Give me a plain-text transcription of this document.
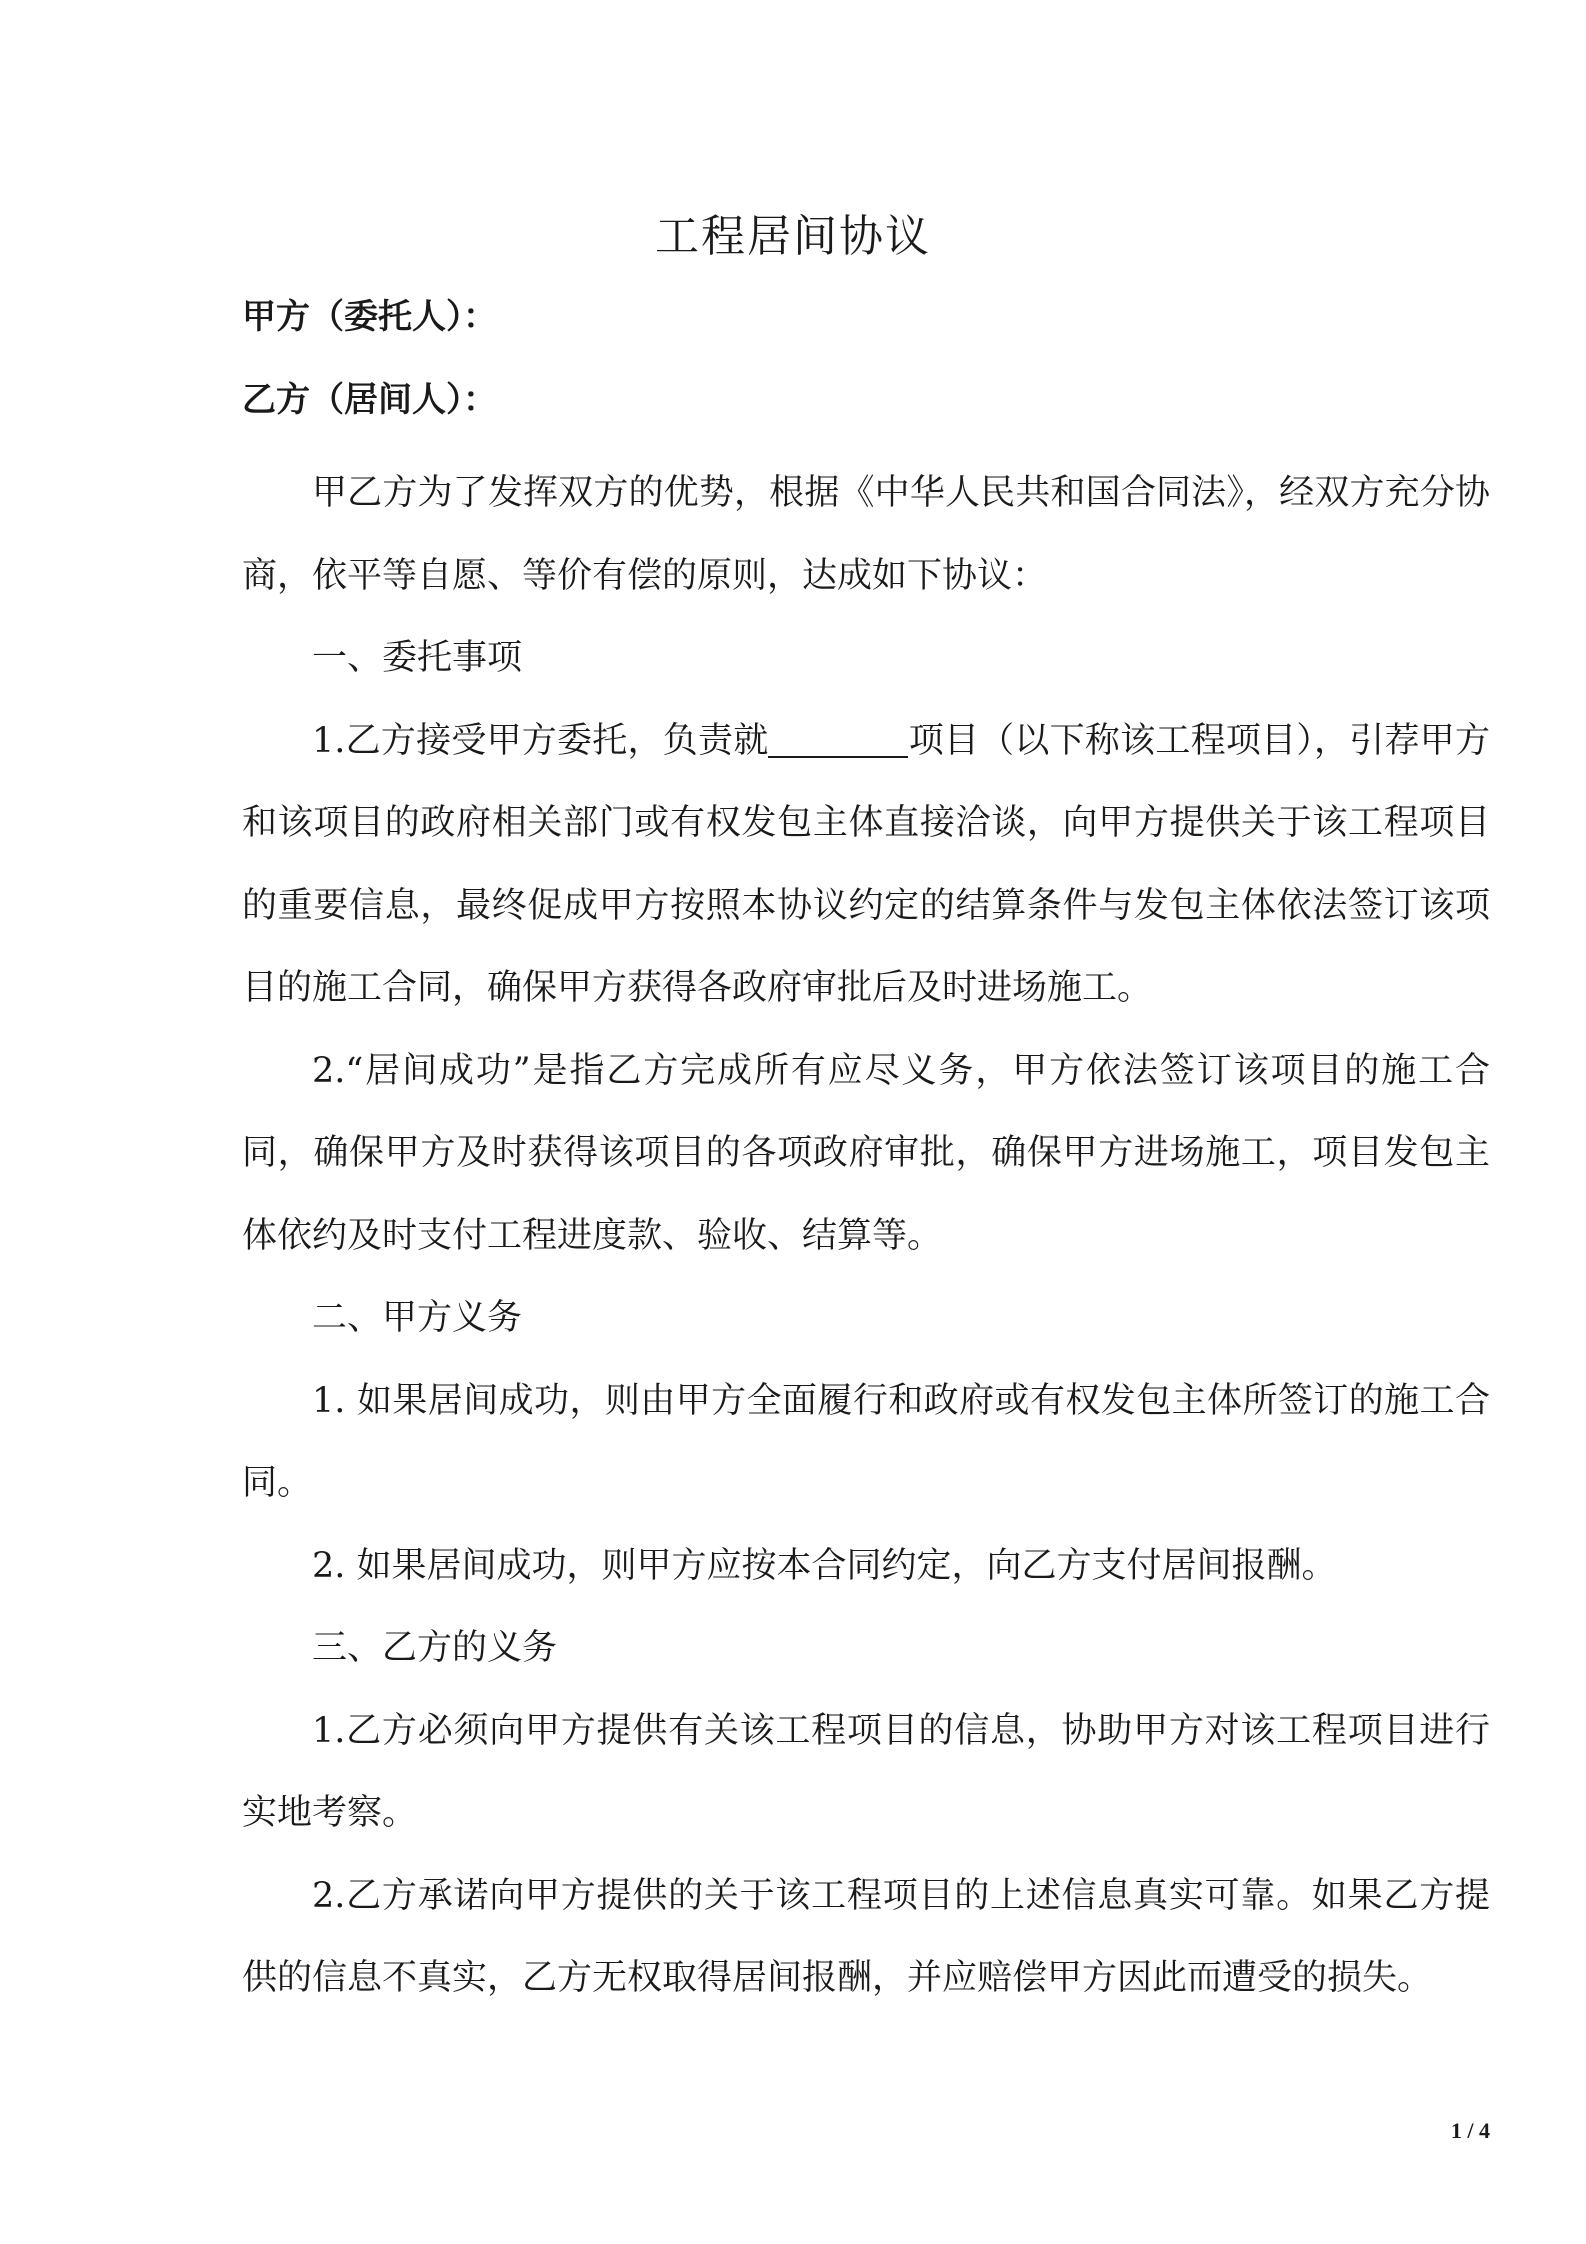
工程居间协议
甲方（委托人）：
乙方（居间人）：

甲乙方为了发挥双方的优势，根据《中华人民共和国合同法》，经双方充分协商，依平等自愿、等价有偿的原则，达成如下协议：

一、委托事项

1.乙方接受甲方委托，负责就	项目（以下称该工程项目），引荐甲方和该项目的政府相关部门或有权发包主体直接洽谈，向甲方提供关于该工程项目的重要信息，最终促成甲方按照本协议约定的结算条件与发包主体依法签订该项目的施工合同，确保甲方获得各政府审批后及时进场施工。

2.“居间成功”是指乙方完成所有应尽义务，甲方依法签订该项目的施工合同，确保甲方及时获得该项目的各项政府审批，确保甲方进场施工，项目发包主体依约及时支付工程进度款、验收、结算等。

二、甲方义务

1. 如果居间成功，则由甲方全面履行和政府或有权发包主体所签订的施工合同。

2. 如果居间成功，则甲方应按本合同约定，向乙方支付居间报酬。

三、乙方的义务

1.乙方必须向甲方提供有关该工程项目的信息，协助甲方对该工程项目进行实地考察。

2.乙方承诺向甲方提供的关于该工程项目的上述信息真实可靠。如果乙方提供的信息不真实，乙方无权取得居间报酬，并应赔偿甲方因此而遭受的损失。

1 / 4
